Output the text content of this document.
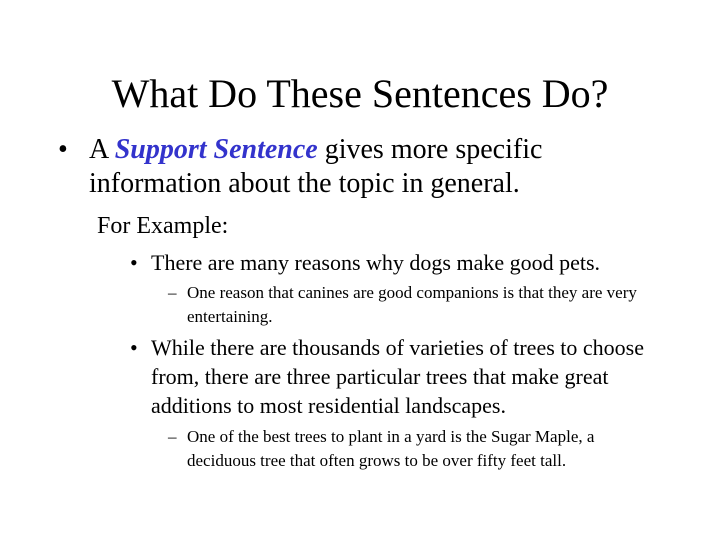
What Do These Sentences Do?
• A Support Sentence gives more specific information about the topic in general.
For Example:
• There are many reasons why dogs make good pets.
– One reason that canines are good companions is that they are very entertaining.
• While there are thousands of varieties of trees to choose from, there are three particular trees that make great additions to most residential landscapes.
– One of the best trees to plant in a yard is the Sugar Maple, a deciduous tree that often grows to be over fifty feet tall.
